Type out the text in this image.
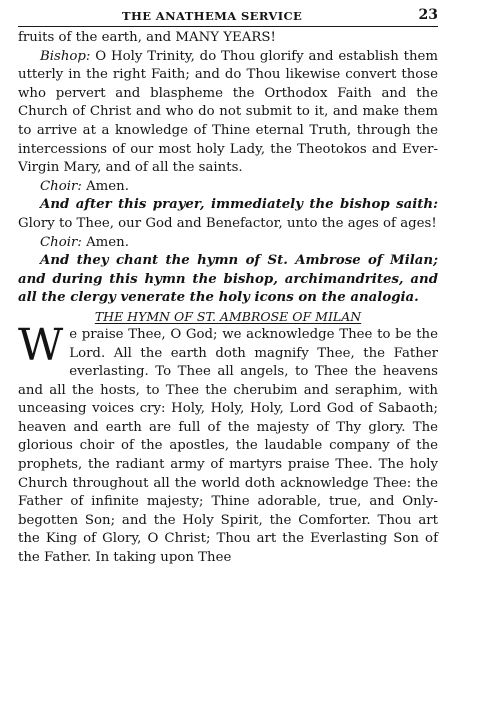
THE ANATHEMA SERVICE	23

fruits of the earth, and MANY YEARS!

Bishop: O Holy Trinity, do Thou glorify and establish them utterly in the right Faith; and do Thou likewise convert those who pervert and blaspheme the Orthodox Faith and the Church of Christ and who do not submit to it, and make them to arrive at a knowledge of Thine eternal Truth, through the intercessions of our most holy Lady, the Theotokos and Ever-Virgin Mary, and of all the saints.

Choir: Amen.

And after this prayer, immediately the bishop saith: Glory to Thee, our God and Benefactor, unto the ages of ages!

Choir: Amen.

And they chant the hymn of St. Ambrose of Milan; and during this hymn the bishop, archimandrites, and all the clergy venerate the holy icons on the analogia.

THE HYMN OF ST. AMBROSE OF MILAN

We praise Thee, O God; we acknowledge Thee to be the Lord. All the earth doth magnify Thee, the Father everlasting. To Thee all angels, to Thee the heavens and all the hosts, to Thee the cherubim and seraphim, with unceasing voices cry: Holy, Holy, Holy, Lord God of Sabaoth; heaven and earth are full of the majesty of Thy glory. The glorious choir of the apostles, the laudable company of the prophets, the radiant army of martyrs praise Thee. The holy Church throughout all the world doth acknowledge Thee: the Father of infinite majesty; Thine adorable, true, and Only-begotten Son; and the Holy Spirit, the Comforter. Thou art the King of Glory, O Christ; Thou art the Everlasting Son of the Father. In taking upon Thee
